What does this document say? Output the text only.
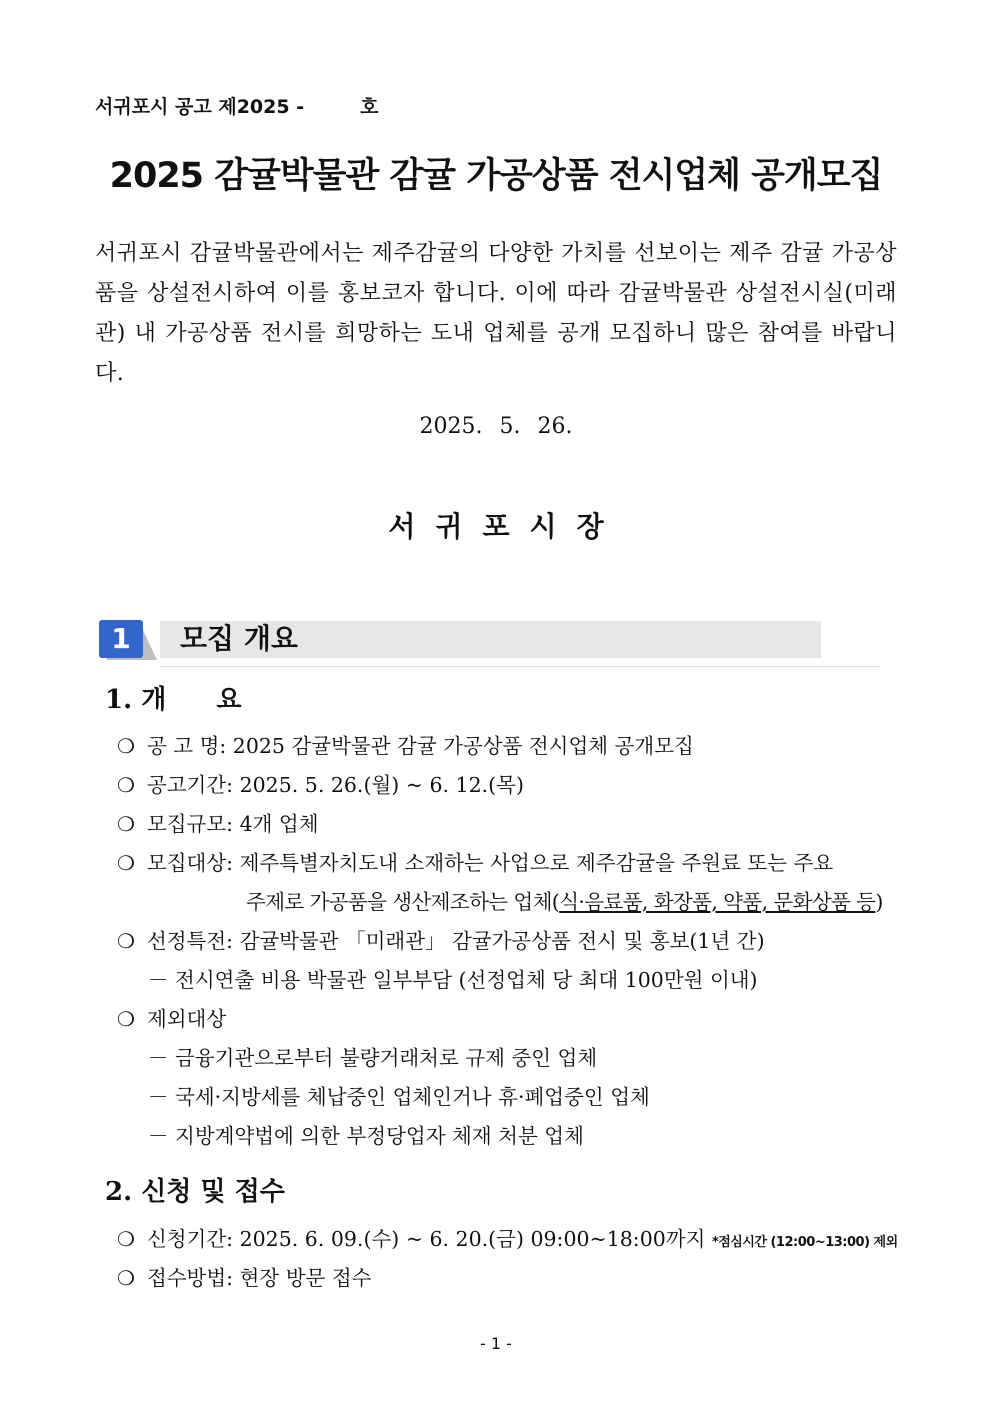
서귀포시 공고 제2025 -	호
2025 감귤박물관 감귤 가공상품 전시업체 공개모집
서귀포시 감귤박물관에서는 제주감귤의 다양한 가치를 선보이는 제주 감귤 가공상품을 상설전시하여 이를 홍보코자 합니다. 이에 따라 감귤박물관 상설전시실(미래관) 내 가공상품 전시를 희망하는 도내 업체를 공개 모집하니 많은 참여를 바랍니다.
2025. 5. 26.
서귀포시장
1	모집 개요
1. 개 요
❍ 공 고 명: 2025 감귤박물관 감귤 가공상품 전시업체 공개모집
❍ 공고기간: 2025. 5. 26.(월) ~ 6. 12.(목)
❍ 모집규모: 4개 업체
❍ 모집대상: 제주특별자치도내 소재하는 사업으로 제주감귤을 주원료 또는 주요
주제로 가공품을 생산제조하는 업체(식·음료품, 화장품, 약품, 문화상품 등)
❍ 선정특전: 감귤박물관 「미래관」 감귤가공상품 전시 및 홍보(1년 간)
－ 전시연출 비용 박물관 일부부담 (선정업체 당 최대 100만원 이내)
❍ 제외대상
－ 금융기관으로부터 불량거래처로 규제 중인 업체
－ 국세·지방세를 체납중인 업체인거나 휴·폐업중인 업체
－ 지방계약법에 의한 부정당업자 체재 처분 업체
2. 신청 및 접수
❍ 신청기간: 2025. 6. 09.(수) ~ 6. 20.(금) 09:00~18:00까지 *점심시간 (12:00~13:00) 제외
❍ 접수방법: 현장 방문 접수
- 1 -
